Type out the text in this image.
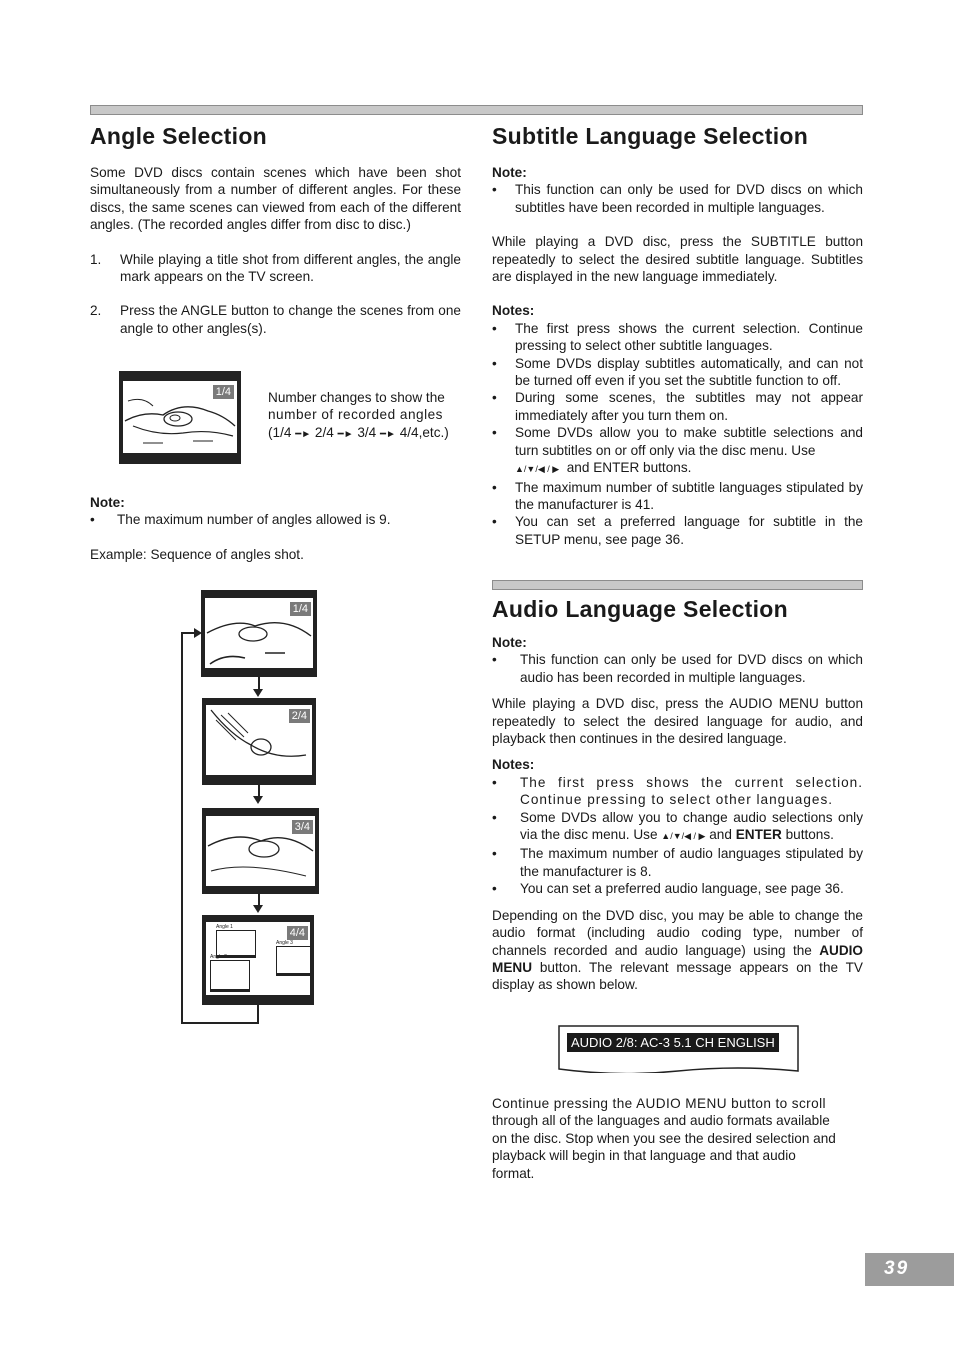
Angle Selection

Some DVD discs contain scenes which have been shot simultaneously from a number of different angles. For these discs, the same scenes can viewed from each of the different angles. (The recorded angles differ from disc to disc.)

1. While playing a title shot from different angles, the angle mark appears on the TV screen.
2. Press the ANGLE button to change the scenes from one angle to other angles(s).
1/4	Number changes to show the

number of recorded angles

(1/4 ━► 2/4 ━► 3/4 ━► 4/4,etc.)

Note:

• The maximum number of angles allowed is 9.

Example: Sequence of angles shot.

1/4
2/4
3/4
Angle 1
Angle 2
Angle 3
4/4
Subtitle Language Selection

Note:

• This function can only be used for DVD discs on which subtitles have been recorded in multiple languages.

While playing a DVD disc, press the SUBTITLE button repeatedly to select the desired subtitle language. Subtitles are displayed in the new language immediately.

Notes:

• The first press shows the current selection. Continue pressing to select other subtitle languages.
• Some DVDs display subtitles automatically, and can not be turned off even if you set the subtitle function to off.
• During some scenes, the subtitles may not appear immediately after you turn them on.
• Some DVDs allow you to make subtitle selections and turn subtitles on or off only via the disc menu. Use
▲/▼/◀ / ▶ and ENTER buttons.
• The maximum number of subtitle languages stipulated by the manufacturer is 41.
• You can set a preferred language for subtitle in the SETUP menu, see page 36.
Audio Language Selection

Note:

• This function can only be used for DVD discs on which audio has been recorded in multiple languages.

While playing a DVD disc, press the AUDIO MENU button repeatedly to select the desired language for audio, and playback then continues in the desired language.

Notes:

• The first press shows the current selection. Continue pressing to select other languages.
• Some DVDs allow you to change audio selections only via the disc menu. Use ▲/▼/◀ / ▶ and ENTER buttons.
• The maximum number of audio languages stipulated by the manufacturer is 8.
• You can set a preferred audio language, see page 36.

Depending on the DVD disc, you may be able to change the audio format (including audio coding type, number of channels recorded and audio language) using the AUDIO MENU button. The relevant message appears on the TV display as shown below.

AUDIO 2/8: AC-3 5.1 CH ENGLISH

Continue pressing the AUDIO MENU button to scroll

through all of the languages and audio formats available

on the disc. Stop when you see the desired selection and

playback will begin in that language and that audio

format.

39
